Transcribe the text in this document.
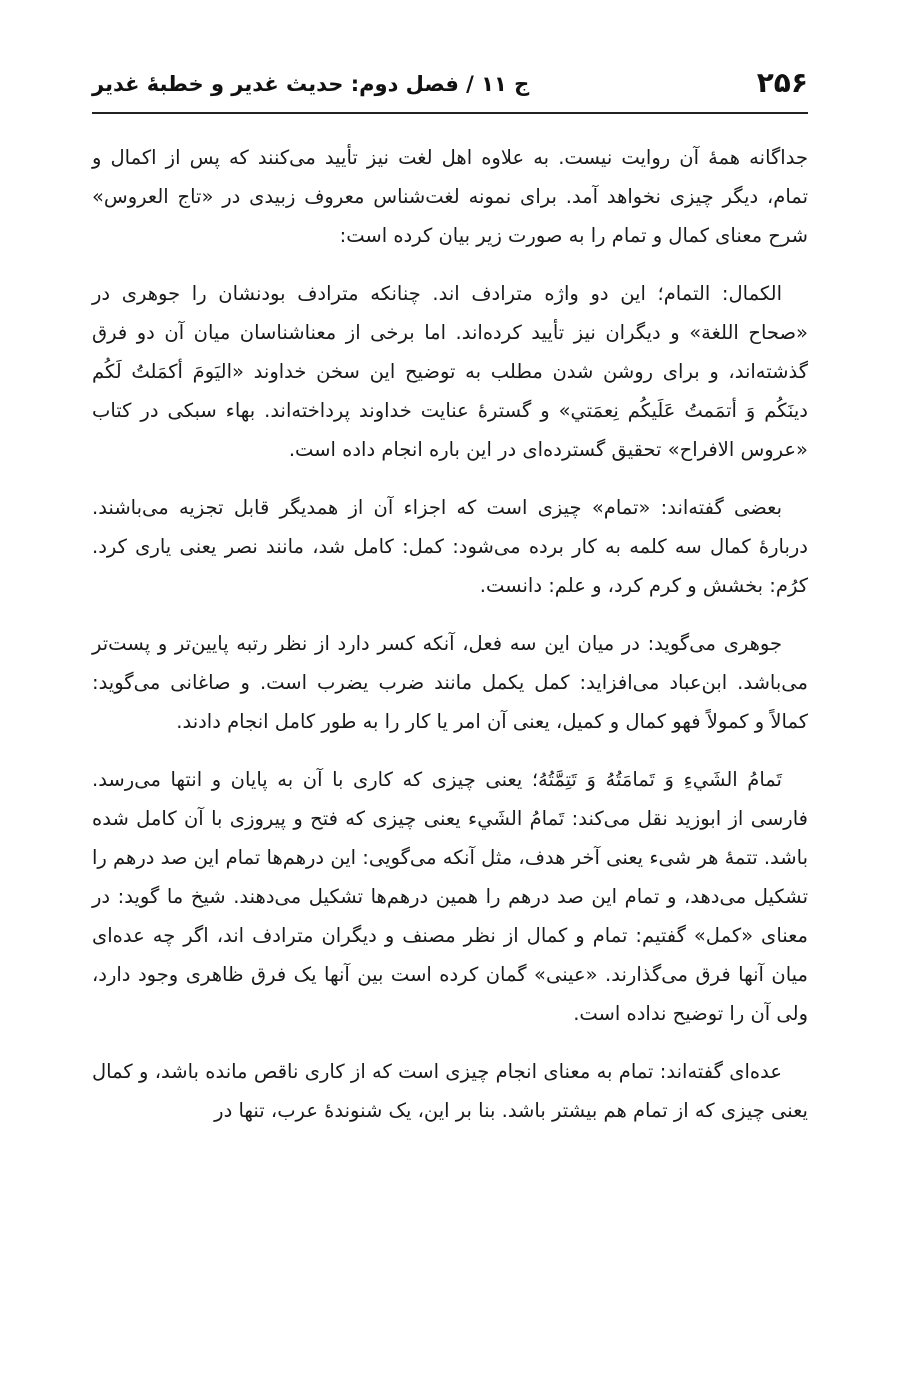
۲۵۶
ج ۱۱ / فصل دوم: حدیث غدیر و خطبهٔ غدیر

جداگانه همهٔ آن روایت نیست. به علاوه اهل لغت نیز تأیید می‌کنند که پس از اکمال و تمام، دیگر چیزی نخواهد آمد. برای نمونه لغت‌شناس معروف زبیدی در «تاج العروس» شرح معنای کمال و تمام را به صورت زیر بیان کرده است:

الکمال: التمام؛ این دو واژه مترادف اند. چنانکه مترادف بودنشان را جوهری در «صحاح اللغة» و دیگران نیز تأیید کرده‌اند. اما برخی از معناشناسان میان آن دو فرق گذشته‌اند، و برای روشن شدن مطلب به توضیح این سخن خداوند «اليَومَ أكمَلتُ لَكُم دينَكُم وَ أتمَمتُ عَلَيكُم نِعمَتي» و گسترهٔ عنایت خداوند پرداخته‌اند. بهاء سبکی در کتاب «عروس الافراح» تحقیق گسترده‌ای در این باره انجام داده است.

بعضی گفته‌اند: «تمام» چیزی است که اجزاء آن از همدیگر قابل تجزیه می‌باشند. دربارهٔ کمال سه کلمه به کار برده می‌شود: کمل: کامل شد، مانند نصر یعنی یاری کرد. کرُم: بخشش و کرم کرد، و علم: دانست.

جوهری می‌گوید: در میان این سه فعل، آنکه کسر دارد از نظر رتبه پایین‌تر و پست‌تر می‌باشد. ابن‌عباد می‌افزاید: کمل یکمل مانند ضرب یضرب است. و صاغانی می‌گوید: کمالاً و کمولاً فهو کمال و کمیل، یعنی آن امر یا کار را به طور کامل انجام دادند.

تَمامُ الشَيءِ وَ تَمامَتُهُ وَ تَتِمَّتُهُ؛ یعنی چیزی که کاری با آن به پایان و انتها می‌رسد. فارسی از ابوزید نقل می‌کند: تَمامُ الشَيء یعنی چیزی که فتح و پیروزی با آن کامل شده باشد. تتمهٔ هر شیء یعنی آخر هدف، مثل آنکه می‌گویی: این درهم‌ها تمام این صد درهم را تشکیل می‌دهد، و تمام این صد درهم را همین درهم‌ها تشکیل می‌دهند. شیخ ما گوید: در معنای «کمل» گفتیم: تمام و کمال از نظر مصنف و دیگران مترادف اند، اگر چه عده‌ای میان آنها فرق می‌گذارند. «عینی» گمان کرده است بین آنها یک فرق ظاهری وجود دارد، ولی آن را توضیح نداده است.

عده‌ای گفته‌اند: تمام به معنای انجام چیزی است که از کاری ناقص مانده باشد، و کمال یعنی چیزی که از تمام هم بیشتر باشد. بنا بر این، یک شنوندهٔ عرب، تنها در
